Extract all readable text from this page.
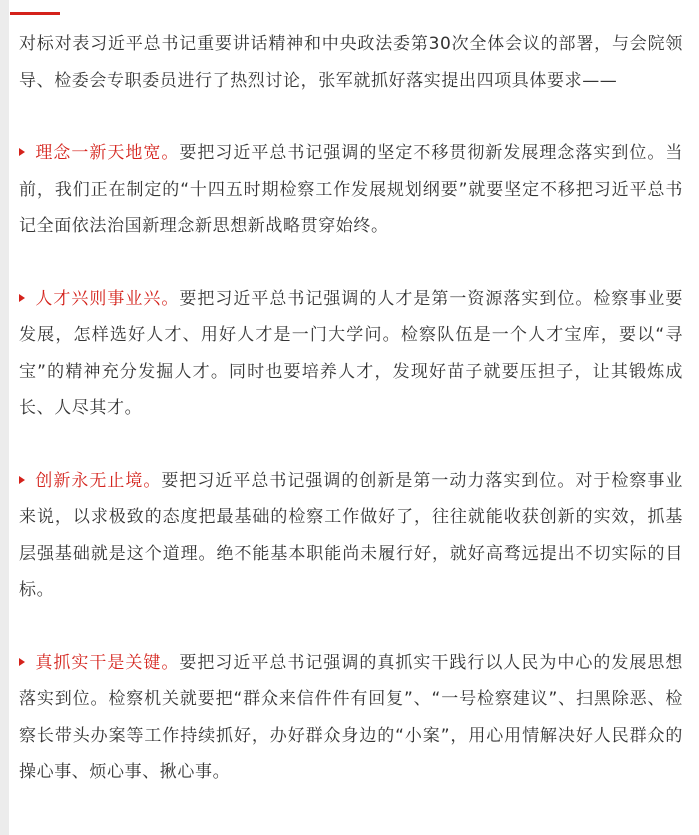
对标对表习近平总书记重要讲话精神和中央政法委第30次全体会议的部署，与会院领导、检委会专职委员进行了热烈讨论，张军就抓好落实提出四项具体要求——

理念一新天地宽。要把习近平总书记强调的坚定不移贯彻新发展理念落实到位。当前，我们正在制定的“十四五时期检察工作发展规划纲要”就要坚定不移把习近平总书记全面依法治国新理念新思想新战略贯穿始终。

人才兴则事业兴。要把习近平总书记强调的人才是第一资源落实到位。检察事业要发展，怎样选好人才、用好人才是一门大学问。检察队伍是一个人才宝库，要以“寻宝”的精神充分发掘人才。同时也要培养人才，发现好苗子就要压担子，让其锻炼成长、人尽其才。

创新永无止境。要把习近平总书记强调的创新是第一动力落实到位。对于检察事业来说，以求极致的态度把最基础的检察工作做好了，往往就能收获创新的实效，抓基层强基础就是这个道理。绝不能基本职能尚未履行好，就好高骛远提出不切实际的目标。

真抓实干是关键。要把习近平总书记强调的真抓实干践行以人民为中心的发展思想落实到位。检察机关就要把“群众来信件件有回复”、“一号检察建议”、扫黑除恶、检察长带头办案等工作持续抓好，办好群众身边的“小案”，用心用情解决好人民群众的操心事、烦心事、揪心事。
